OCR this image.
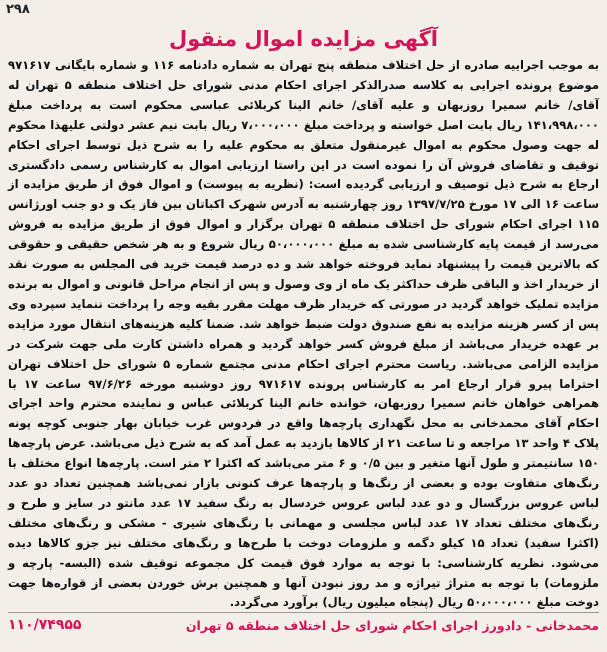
۲۹۸
آگهی مزایده اموال منقول
به موجب اجراییه صادره از حل اختلاف منطقه پنج تهران به شماره دادنامه ۱۱۶ و شماره بایگانی ۹۷۱۶۱۷ موضوع پرونده اجرایی به کلاسه صدرالذکر اجرای احکام مدنی شورای حل اختلاف منطقه ۵ تهران له آقای/ خانم سمیرا روزبهان و علیه آقای/ خانم الینا کربلائی عباسی محکوم است به پرداخت مبلغ ۱۴۱،۹۹۸،۰۰۰ ریال بابت اصل خواسته و پرداخت مبلغ ۷،۰۰۰،۰۰۰ ریال بابت نیم عشر دولتی علیهذا محکوم له جهت وصول محکوم به اموال غیرمنقول متعلق به محکوم علیه را به شرح ذیل توسط اجرای احکام توقیف و تقاضای فروش آن را نموده است در این راستا ارزیابی اموال به کارشناس رسمی دادگستری ارجاع به شرح ذیل توصیف و ارزیابی گردیده است: (نظریه به پیوست) و اموال فوق از طریق مزایده از ساعت ۱۶ الی ۱۷ مورخ ۱۳۹۷/۷/۲۵ روز چهارشنبه به آدرس شهرک اکباتان بین فاز یک و دو جنب اورژانس ۱۱۵ اجرای احکام شورای حل اختلاف منطقه ۵ تهران برگزار و اموال فوق از طریق مزایده به فروش می‌رسد از قیمت پایه کارشناسی شده به مبلغ ۵۰،۰۰۰،۰۰۰ ریال شروع و به هر شخص حقیقی و حقوقی که بالاترین قیمت را پیشنهاد نماید فروخته خواهد شد و ده درصد قیمت خرید فی المجلس به صورت نقد از خریدار اخذ و الباقی ظرف حداکثر یک ماه از وی وصول و پس از انجام مراحل قانونی و اموال به برنده مزایده تملیک خواهد گردید در صورتی که خریدار ظرف مهلت مقرر بقیه وجه را پرداخت ننماید سپرده وی پس از کسر هزینه مزایده به نفع صندوق دولت ضبط خواهد شد. ضمنا کلیه هزینه‌های انتقال مورد مزایده بر عهده خریدار می‌باشد از مبلغ فروش کسر خواهد گردید و همراه داشتن کارت ملی جهت شرکت در مزایده الزامی می‌باشد. ریاست محترم اجرای احکام مدنی مجتمع شماره ۵ شورای حل اختلاف تهران احتراما پیرو قرار ارجاع امر به کارشناس پرونده ۹۷۱۶۱۷ روز دوشنبه مورخه ۹۷/۶/۲۶ ساعت ۱۷ با همراهی خواهان خانم سمیرا روزبهان، خوانده خانم الینا کربلائی عباس و نماینده محترم واحد اجرای احکام آقای محمدخانی به محل نگهداری پارچه‌ها واقع در فردوس غرب خیابان بهار جنوبی کوچه پونه پلاک ۴ واحد ۱۳ مراجعه و تا ساعت ۲۱ از کالاها بازدید به عمل آمد که به شرح ذیل می‌باشد. عرض پارچه‌ها ۱۵۰ سانتیمتر و طول آنها متغیر و بین ۰/۵ و ۶ متر می‌باشد که اکثرا ۲ متر است. پارچه‌ها انواع مختلف با رنگ‌های متفاوت بوده و بعضی از رنگ‌ها و پارچه‌ها عرف کنونی بازار نمی‌باشد همچنین تعداد دو عدد لباس عروس بزرگسال و دو عدد لباس عروس خردسال به رنگ سفید ۱۷ عدد مانتو در سایز و طرح و رنگ‌های مختلف تعداد ۱۷ عدد لباس مجلسی و مهمانی با رنگ‌های شیری - مشکی و رنگ‌های مختلف (اکثرا سفید) تعداد ۱۵ کیلو دگمه و ملزومات دوخت با طرح‌ها و رنگ‌های مختلف نیز جزو کالاها دیده می‌شود. نظریه کارشناسی: با توجه به موارد فوق قیمت کل مجموعه توقیف شده (البسه- پارچه و ملزومات) با توجه به متراژ تیراژه و مد روز نبودن آنها و همچنین برش خوردن بعضی از قواره‌ها جهت دوخت مبلغ ۵۰،۰۰۰،۰۰۰ ریال (پنجاه میلیون ریال) برآورد می‌گردد.
محمدخانی - دادورز اجرای احکام شورای حل اختلاف منطقه ۵ تهران
۱۱۰/۷۴۹۵۵
